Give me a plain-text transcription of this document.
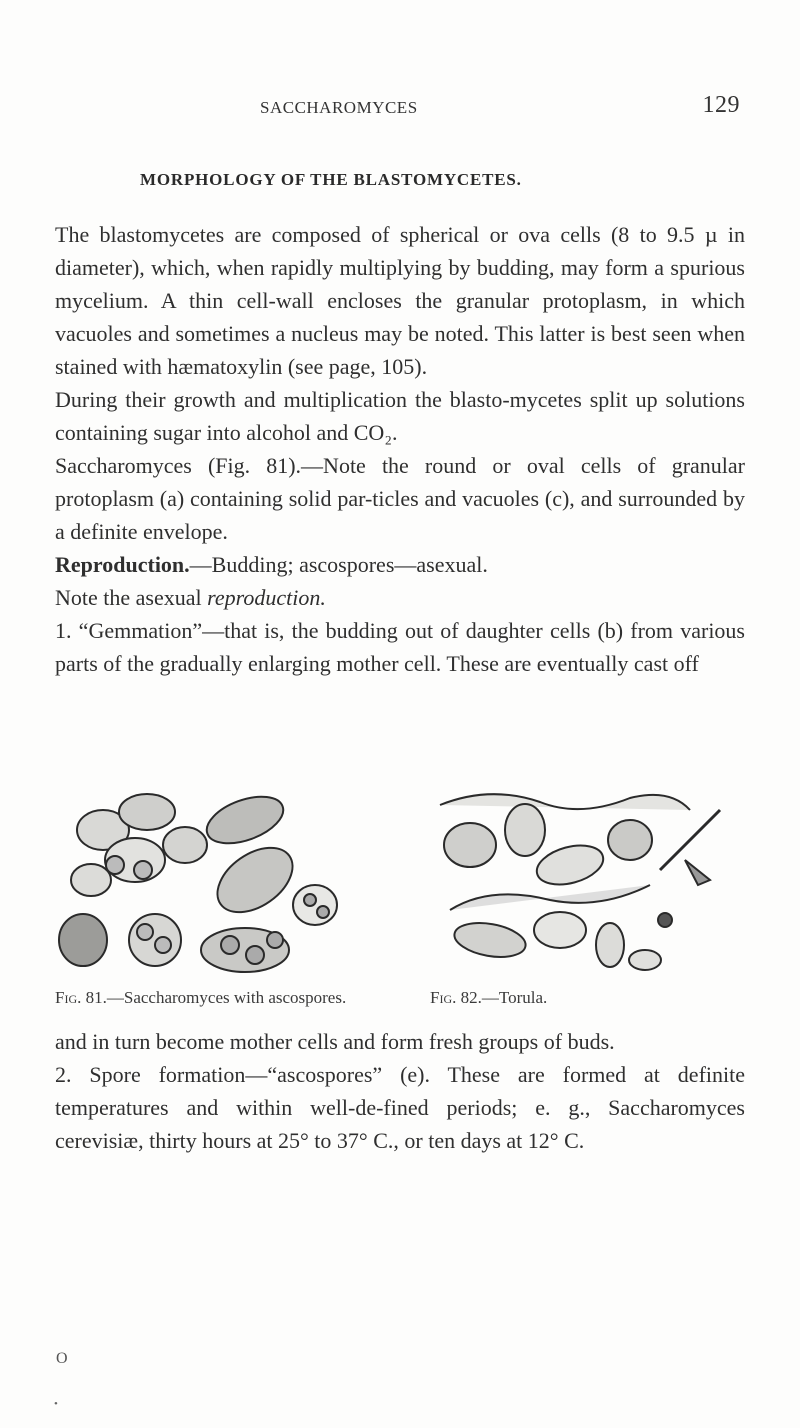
SACCHAROMYCES	129
MORPHOLOGY OF THE BLASTOMYCETES.

The blastomycetes are composed of spherical or ova cells (8 to 9.5 µ in diameter), which, when rapidly multiplying by budding, may form a spurious mycelium. A thin cell-wall encloses the granular protoplasm, in which vacuoles and sometimes a nucleus may be noted. This latter is best seen when stained with hæmatoxylin (see page, 105).

During their growth and multiplication the blasto-mycetes split up solutions containing sugar into alcohol and CO₂.

Saccharomyces (Fig. 81).—Note the round or oval cells of granular protoplasm (a) containing solid par-ticles and vacuoles (c), and surrounded by a definite envelope.

Reproduction.—Budding; ascospores—asexual.

Note the asexual reproduction.

1. “Gemmation”—that is, the budding out of daughter cells (b) from various parts of the gradually enlarging mother cell. These are eventually cast off

Fig. 81.—Saccharomyces with ascospores.	Fig. 82.—Torula.

and in turn become mother cells and form fresh groups of buds.

2. Spore formation—“ascospores” (e). These are formed at definite temperatures and within well-de-fined periods; e. g., Saccharomyces cerevisiæ, thirty hours at 25° to 37° C., or ten days at 12° C.

O
•
